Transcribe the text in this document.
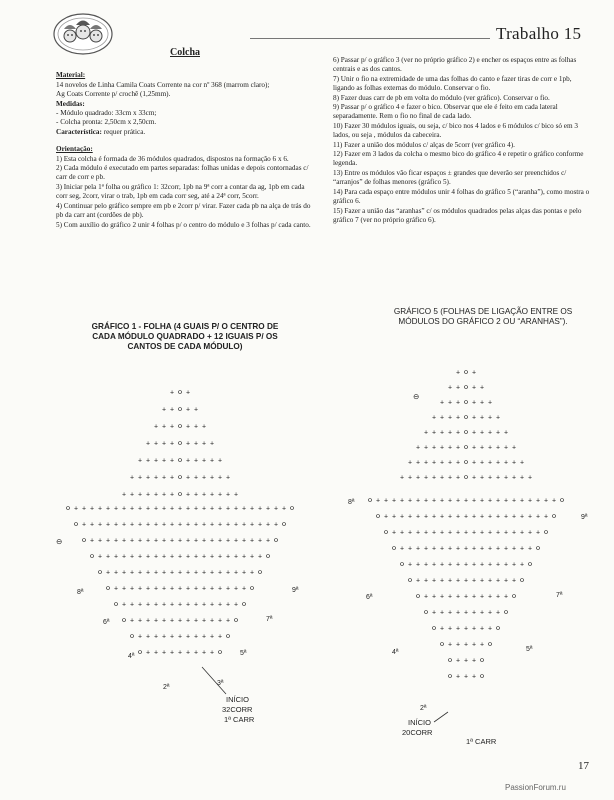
Trabalho 15
Colcha
Material:

14 novelos de Linha Camila Coats Corrente na cor nº 368 (marrom claro);

Ag Coats Corrente p/ crochê (1,25mm).

Medidas:

- Módulo quadrado: 33cm x 33cm;

- Colcha pronta: 2,50cm x 2,50cm.

Característica: requer prática.

Orientação:

1) Esta colcha é formada de 36 módulos quadrados, dispostos na formação 6 x 6.

2) Cada módulo é executado em partes separadas: folhas unidas e depois contornadas c/ carr de corr e pb.

3) Iniciar pela 1ª folha ou gráfico 1: 32corr, 1pb na 9ª corr a contar da ag, 1pb em cada corr seg, 2corr, virar o trab, 1pb em cada corr seg, até a 24ª corr, 5corr.

4) Continuar pelo gráfico sempre em pb e 2corr p/ virar. Fazer cada pb na alça de trás do pb da carr ant (cordões de pb).

5) Com auxílio do gráfico 2 unir 4 folhas p/ o centro do módulo e 3 folhas p/ cada canto.

6) Passar p/ o gráfico 3 (ver no próprio gráfico 2) e encher os espaços entre as folhas centrais e as dos cantos.

7) Unir o fio na extremidade de uma das folhas do canto e fazer tiras de corr e 1pb, ligando as folhas externas do módulo. Conservar o fio.

8) Fazer duas carr de pb em volta do módulo (ver gráfico). Conservar o fio.

9) Passar p/ o gráfico 4 e fazer o bico. Observar que ele é feito em cada lateral separadamente. Rem o fio no final de cada lado.

10) Fazer 30 módulos iguais, ou seja, c/ bico nos 4 lados e 6 módulos c/ bico só em 3 lados, ou seja , módulos da cabeceira.

11) Fazer a união dos módulos c/ alças de 5corr (ver gráfico 4).

12) Fazer em 3 lados da colcha o mesmo bico do gráfico 4 e repetir o gráfico conforme legenda.

13) Entre os módulos vão ficar espaços ± grandes que deverão ser preenchidos c/ “arranjos” de folhas menores (gráfico 5).

14) Para cada espaço entre módulos unir 4 folhas do gráfico 5 (“aranha”), como mostra o gráfico 6.

15) Fazer a união das “aranhas” c/ os módulos quadrados pelas alças das pontas e pelo gráfico 7 (ver no próprio gráfico 6).

GRÁFICO 1 - FOLHA (4 GUAIS P/ O CENTRO DE CADA MÓDULO QUADRADO + 12 IGUAIS P/ OS CANTOS DE CADA MÓDULO)
GRÁFICO 5 (FOLHAS DE LIGAÇÃO ENTRE OS MÓDULOS DO GRÁFICO 2 OU “ARANHAS”).
+ +
+ + + +
+ + + + + +
+ + + + + + + +
+ + + + + + + + + +
+ + + + + + + + + + + +
+ + + + + + + + + + + + + +
+ + + + + + + + + + + + + + + + + + + + + + + + + + +
+ + + + + + + + + + + + + + + + + + + + + + + + +
+ + + + + + + + + + + + + + + + + + + + + + +
+ + + + + + + + + + + + + + + + + + + + +
+ + + + + + + + + + + + + + + + + + +
+ + + + + + + + + + + + + + + + +
+ + + + + + + + + + + + + + +
+ + + + + + + + + + + + +
+ + + + + + + + + + +
+ + + + + + + + +
+ +
+ + + +
+ + + + + +
+ + + + + + + +
+ + + + + + + + + +
+ + + + + + + + + + + +
+ + + + + + + + + + + + + +
+ + + + + + + + + + + + + + + +
+ + + + + + + + + + + + + + + + + + + + + + +
+ + + + + + + + + + + + + + + + + + + + +
+ + + + + + + + + + + + + + + + + + +
+ + + + + + + + + + + + + + + + +
+ + + + + + + + + + + + + + +
+ + + + + + + + + + + + +
+ + + + + + + + + + +
+ + + + + + + + +
+ + + + + + +
+ + + + +
+ + +
+ + +
⊖
8ª
6ª
4ª
2ª
3ª
5ª
7ª
9ª
INÍCIO
32CORR
1ª CARR
⊖
8ª
6ª
4ª
2ª
5ª
7ª
9ª
INÍCIO
20CORR
1ª CARR
17
PassionForum.ru
